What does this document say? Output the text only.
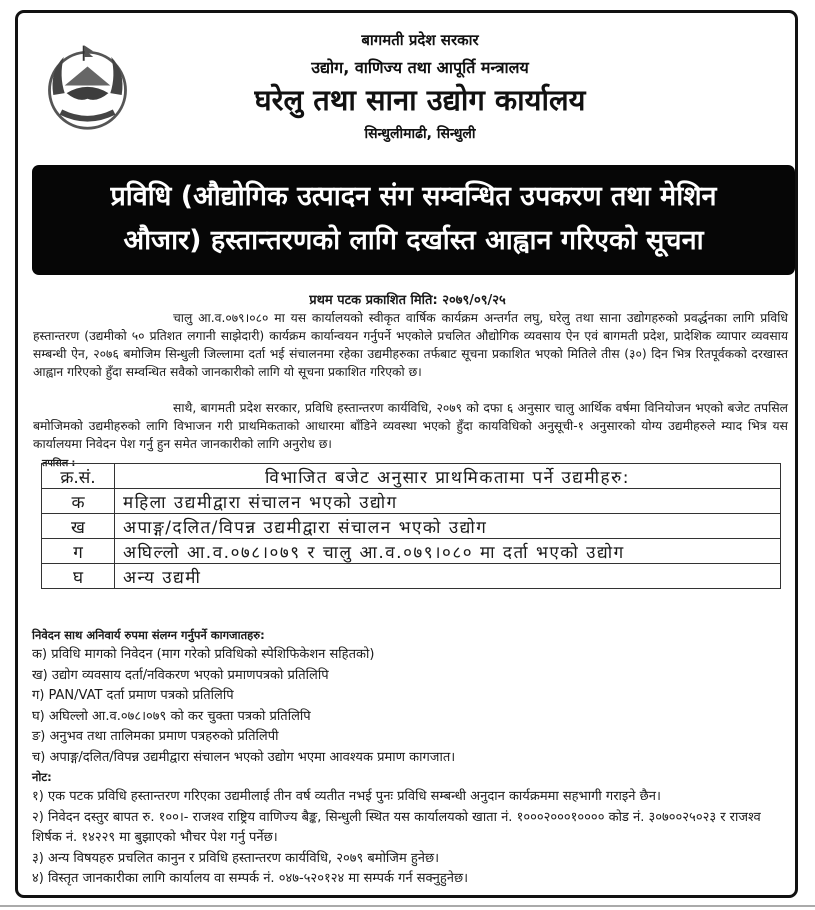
बागमती प्रदेश सरकार
उद्योग, वाणिज्य तथा आपूर्ति मन्त्रालय
घरेलु तथा साना उद्योग कार्यालय
सिन्धुलीमाढी, सिन्धुली
प्रविधि (औद्योगिक उत्पादन संग सम्वन्धित उपकरण तथा मेशिन
औजार) हस्तान्तरणको लागि दर्खास्त आह्वान गरिएको सूचना
प्रथम पटक प्रकाशित मिति: २०७९/०९/२५
चालु आ.व.०७९।०८० मा यस कार्यालयको स्वीकृत वार्षिक कार्यक्रम अन्तर्गत लघु, घरेलु तथा साना उद्योगहरुको प्रवर्द्धनका लागि प्रविधि हस्तान्तरण (उद्यमीको ५० प्रतिशत लगानी साझेदारी) कार्यक्रम कार्यान्वयन गर्नुपर्ने भएकोले प्रचलित औद्योगिक व्यवसाय ऐन एवं बागमती प्रदेश, प्रादेशिक व्यापार व्यवसाय सम्बन्धी ऐन, २०७६ बमोजिम सिन्धुली जिल्लामा दर्ता भई संचालनमा रहेका उद्यमीहरुका तर्फबाट सूचना प्रकाशित भएको मितिले तीस (३०) दिन भित्र रितपूर्वकको दरखास्त आह्वान गरिएको हुँदा सम्वन्धित सवैको जानकारीको लागि यो सूचना प्रकाशित गरिएको छ।
साथै, बागमती प्रदेश सरकार, प्रविधि हस्तान्तरण कार्यविधि, २०७९ को दफा ६ अनुसार चालु आर्थिक वर्षमा विनियोजन भएको बजेट तपसिल बमोजिमको उद्यमीहरुको लागि विभाजन गरी प्राथमिकताको आधारमा बाँडिने व्यवस्था भएको हुँदा कायविधिको अनुसूची-१ अनुसारको योग्य उद्यमीहरुले म्याद भित्र यस कार्यालयमा निवेदन पेश गर्नु हुन समेत जानकारीको लागि अनुरोध छ।
तपसिल :
क्र.सं.	विभाजित बजेट अनुसार प्राथमिकतामा पर्ने उद्यमीहरु:
क	महिला उद्यमीद्वारा संचालन भएको उद्योग
ख	अपाङ्ग/दलित/विपन्न उद्यमीद्वारा संचालन भएको उद्योग
ग	अघिल्लो आ.व.०७८।०७९ र चालु आ.व.०७९।०८० मा दर्ता भएको उद्योग
घ	अन्य उद्यमी
निवेदन साथ अनिवार्य रुपमा संलग्न गर्नुपर्ने कागजातहरु:
क) प्रविधि मागको निवेदन (माग गरेको प्रविधिको स्पेशिफिकेशन सहितको)
ख) उद्योग व्यवसाय दर्ता/नविकरण भएको प्रमाणपत्रको प्रतिलिपि
ग) PAN/VAT दर्ता प्रमाण पत्रको प्रतिलिपि
घ) अघिल्लो आ.व.०७८।०७९ को कर चुक्ता पत्रको प्रतिलिपि
ङ) अनुभव तथा तालिमका प्रमाण पत्रहरुको प्रतिलिपी
च) अपाङ्ग/दलित/विपन्न उद्यमीद्वारा संचालन भएको उद्योग भएमा आवश्यक प्रमाण कागजात।
नोट:
१) एक पटक प्रविधि हस्तान्तरण गरिएका उद्यमीलाई तीन वर्ष व्यतीत नभई पुनः प्रविधि सम्बन्धी अनुदान कार्यक्रममा सहभागी गराइने छैन।
२) निवेदन दस्तुर बापत रु. १००।- राजश्व राष्ट्रिय वाणिज्य बैङ्क, सिन्धुली स्थित यस कार्यालयको खाता नं. १०००२०००१०००० कोड नं. ३०७००२५०२३ र राजश्व शिर्षक नं. १४२२९ मा बुझाएको भौचर पेश गर्नु पर्नेछ।
३) अन्य विषयहरु प्रचलित कानुन र प्रविधि हस्तान्तरण कार्यविधि, २०७९ बमोजिम हुनेछ।
४) विस्तृत जानकारीका लागि कार्यालय वा सम्पर्क नं. ०४७-५२०१२४ मा सम्पर्क गर्न सक्नुहुनेछ।
